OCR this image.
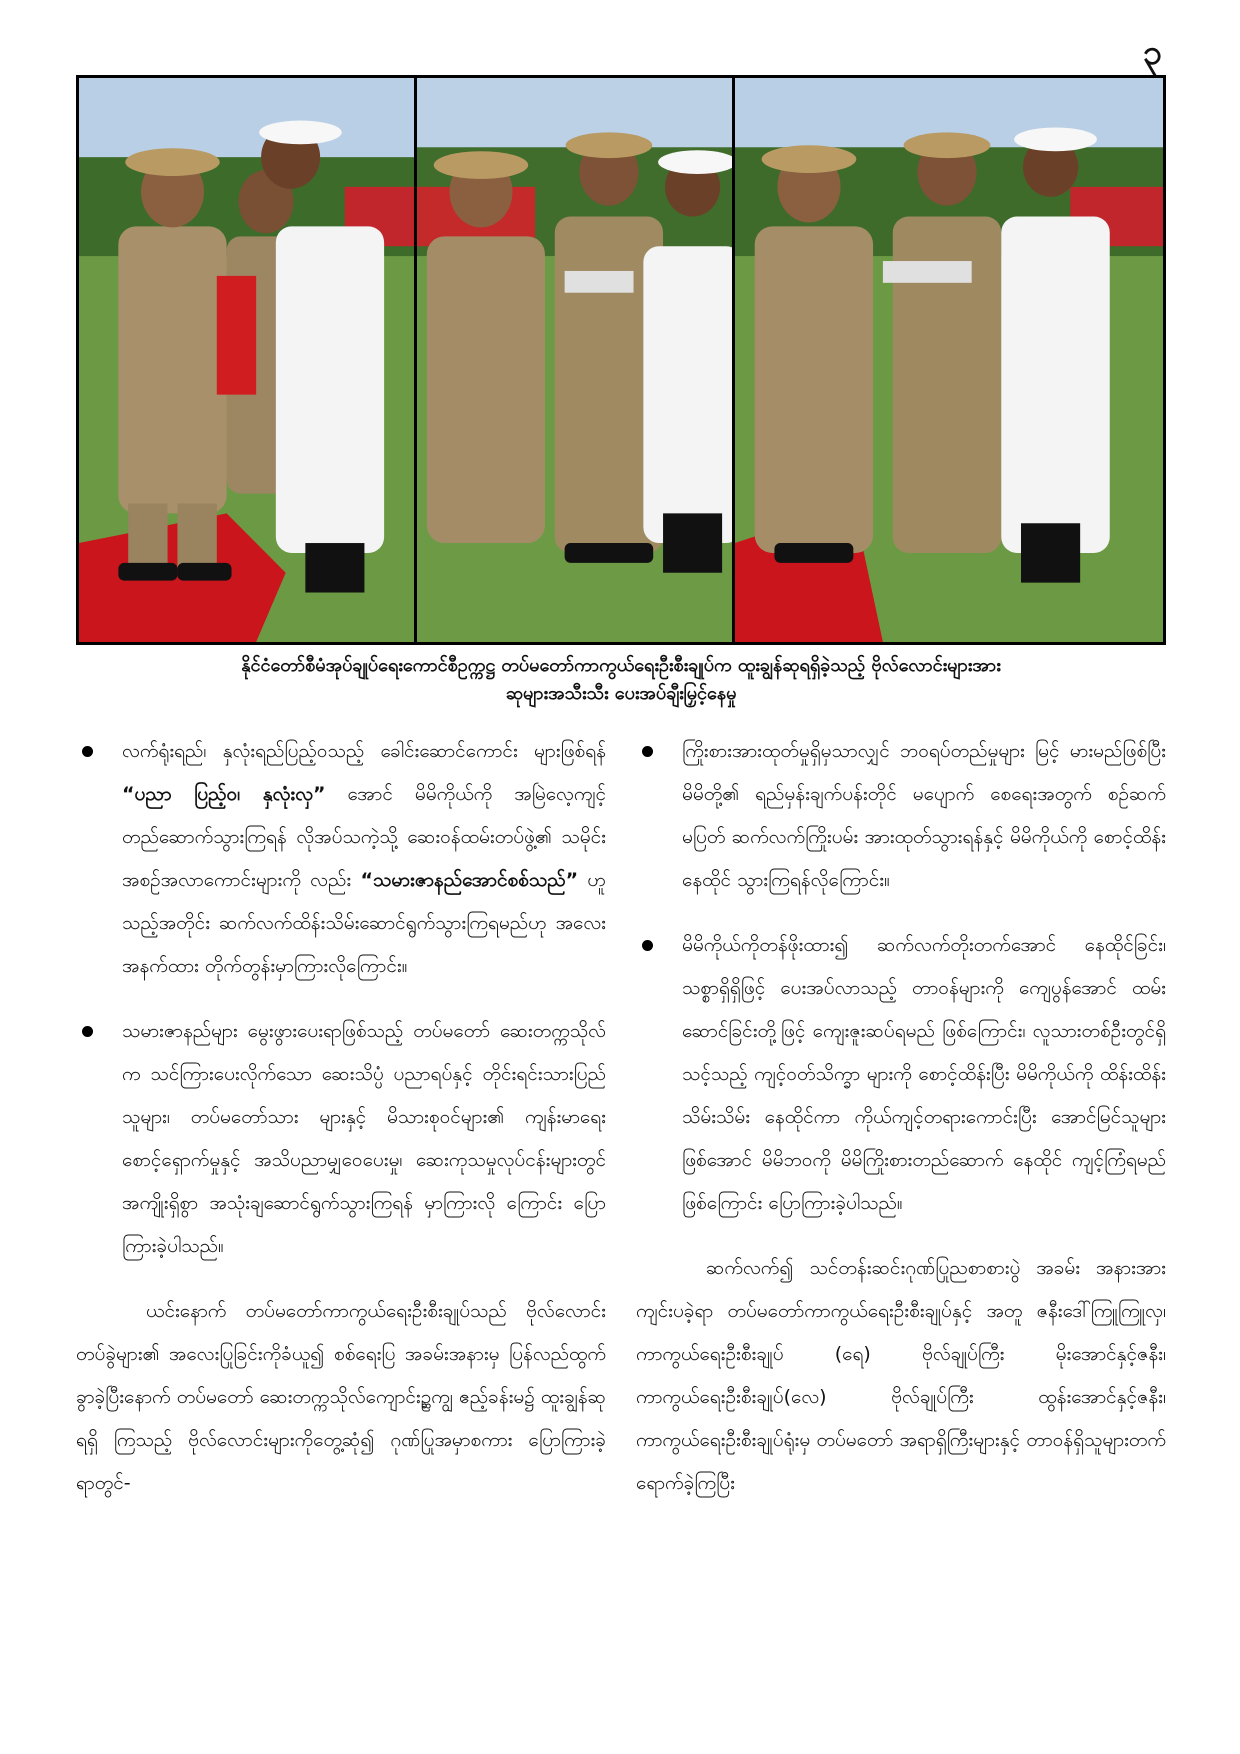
၃
နိုင်ငံတော်စီမံအုပ်ချုပ်ရေးကောင်စီဥက္ကဋ္ဌ တပ်မတော်ကာကွယ်ရေးဦးစီးချုပ်က ထူးချွန်ဆုရရှိခဲ့သည့် ဗိုလ်လောင်းများအား
ဆုများအသီးသီး ပေးအပ်ချီးမြှင့်နေမှု
လက်ရုံးရည်၊ နှလုံးရည်ပြည့်ဝသည့် ခေါင်းဆောင်ကောင်း များဖြစ်ရန် “ပညာ ပြည့်ဝ၊ နှလုံးလှ” အောင် မိမိကိုယ်ကို အမြဲလေ့ကျင့်တည်ဆောက်သွားကြရန် လိုအပ်သကဲ့သို့ ဆေးဝန်ထမ်းတပ်ဖွဲ့၏ သမိုင်းအစဉ်အလာကောင်းများကို လည်း “သမားဇာနည်အောင်စစ်သည်” ဟူသည့်အတိုင်း ဆက်လက်ထိန်းသိမ်းဆောင်ရွက်သွားကြရမည်ဟု အလေး အနက်ထား တိုက်တွန်းမှာကြားလိုကြောင်း။
သမားဇာနည်များ မွေးဖွားပေးရာဖြစ်သည့် တပ်မတော် ဆေးတက္ကသိုလ်က သင်ကြားပေးလိုက်သော ဆေးသိပ္ပံ ပညာရပ်နှင့် တိုင်းရင်းသားပြည်သူများ၊ တပ်မတော်သား များနှင့် မိသားစုဝင်များ၏ ကျန်းမာရေးစောင့်ရှောက်မှုနှင့် အသိပညာမျှဝေပေးမှု၊ ဆေးကုသမှုလုပ်ငန်းများတွင် အကျိုးရှိစွာ အသုံးချဆောင်ရွက်သွားကြရန် မှာကြားလို ကြောင်း ပြောကြားခဲ့ပါသည်။
ယင်းနောက် တပ်မတော်ကာကွယ်ရေးဦးစီးချုပ်သည် ဗိုလ်လောင်းတပ်ခွဲများ၏ အလေးပြုခြင်းကိုခံယူ၍ စစ်ရေးပြ အခမ်းအနားမှ ပြန်လည်ထွက်ခွာခဲ့ပြီးနောက် တပ်မတော် ဆေးတက္ကသိုလ်ကျောင်းဥ္ဆကျွ ဧည့်ခန်းမ၌ ထူးချွန်ဆုရရှိ ကြသည့် ဗိုလ်လောင်းများကိုတွေ့ဆုံ၍ ဂုဏ်ပြုအမှာစကား ပြောကြားခဲ့ရာတွင်-
ကြိုးစားအားထုတ်မှုရှိမှသာလျှင် ဘဝရပ်တည်မှုများ မြင့် မားမည်ဖြစ်ပြီး မိမိတို့၏ ရည်မှန်းချက်ပန်းတိုင် မပျောက် စေရေးအတွက် စဉ်ဆက်မပြတ် ဆက်လက်ကြိုးပမ်း အားထုတ်သွားရန်နှင့် မိမိကိုယ်ကို စောင့်ထိန်းနေထိုင် သွားကြရန်လိုကြောင်း။
မိမိကိုယ်ကိုတန်ဖိုးထား၍ ဆက်လက်တိုးတက်အောင် နေထိုင်ခြင်း၊ သစ္စာရှိရှိဖြင့် ပေးအပ်လာသည့် တာဝန်များကို ကျေပွန်အောင် ထမ်းဆောင်ခြင်းတို့ဖြင့် ကျေးဇူးဆပ်ရမည် ဖြစ်ကြောင်း၊ လူသားတစ်ဦးတွင်ရှိသင့်သည့် ကျင့်ဝတ်သိက္ခာ များကို စောင့်ထိန်းပြီး မိမိကိုယ်ကို ထိန်းထိန်းသိမ်းသိမ်း နေထိုင်ကာ ကိုယ်ကျင့်တရားကောင်းပြီး အောင်မြင်သူများ ဖြစ်အောင် မိမိဘဝကို မိမိကြိုးစားတည်ဆောက် နေထိုင် ကျင့်ကြံရမည်ဖြစ်ကြောင်း ပြောကြားခဲ့ပါသည်။
ဆက်လက်၍ သင်တန်းဆင်းဂုဏ်ပြုညစာစားပွဲ အခမ်း အနားအားကျင်းပခဲ့ရာ တပ်မတော်ကာကွယ်ရေးဦးစီးချုပ်နှင့် အတူ ဇနီးဒေါ်ကြူကြူလှ၊ ကာကွယ်ရေးဦးစီးချုပ် (ရေ) ဗိုလ်ချုပ်ကြီး မိုးအောင်နှင့်ဇနီး၊ ကာကွယ်ရေးဦးစီးချုပ်(လေ) ဗိုလ်ချုပ်ကြီး ထွန်းအောင်နှင့်ဇနီး၊ ကာကွယ်ရေးဦးစီးချုပ်ရုံးမှ တပ်မတော် အရာရှိကြီးများနှင့် တာဝန်ရှိသူများတက်ရောက်ခဲ့ကြပြီး
